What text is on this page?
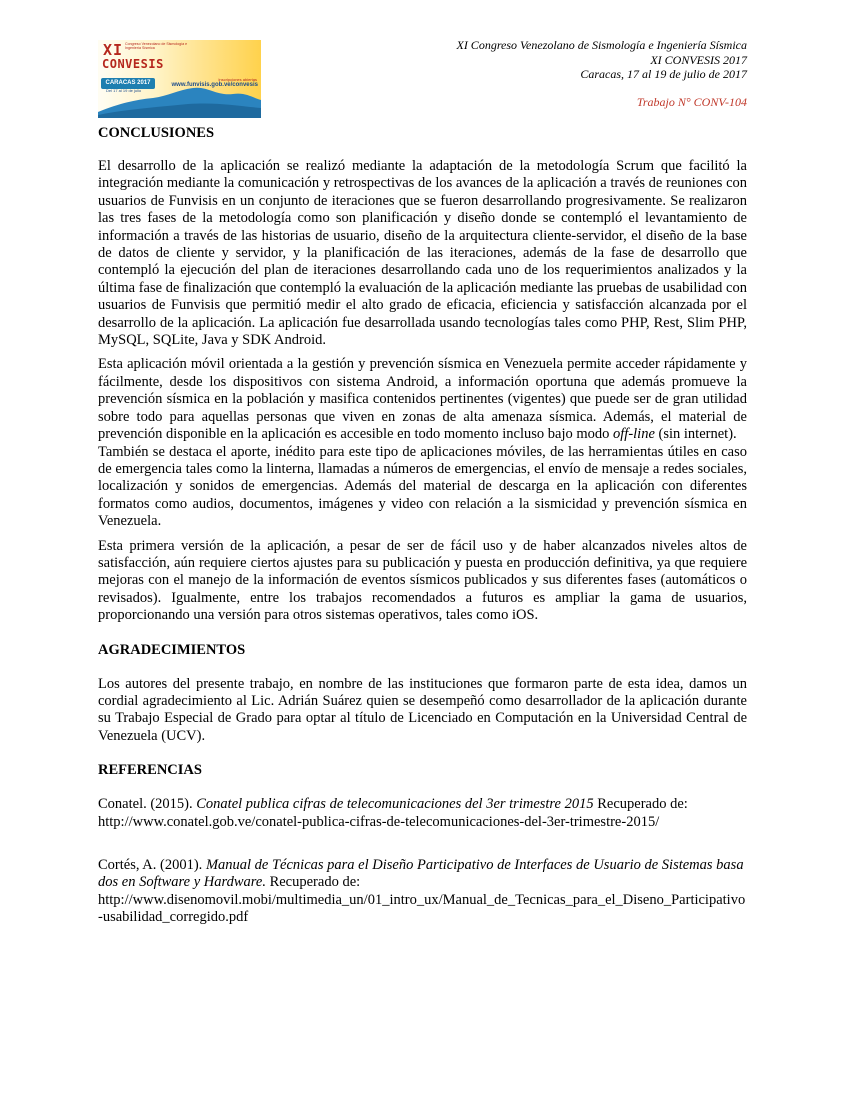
XI
CONVESIS
Congreso Venezolano de Sismología e Ingeniería Sísmica
CARACAS 2017
Del 17 al 19 de julio
Inscripciones abiertas
www.funvisis.gob.ve/convesis
XI Congreso Venezolano de Sismología e Ingeniería Sísmica
XI CONVESIS 2017
Caracas, 17 al 19 de julio de 2017
Trabajo N° CONV-104
CONCLUSIONES

El desarrollo de la aplicación se realizó mediante la adaptación de la metodología Scrum que facilitó la integración mediante la comunicación y retrospectivas de los avances de la aplicación a través de reuniones con usuarios de Funvisis en un conjunto de iteraciones que se fueron desarrollando progresivamente. Se realizaron las tres fases de la metodología como son planificación y diseño donde se contempló el levantamiento de información a través de las historias de usuario, diseño de la arquitectura cliente-servidor, el diseño de la base de datos de cliente y servidor, y la planificación de las iteraciones, además de la fase de desarrollo que contempló la ejecución del plan de iteraciones desarrollando cada uno de los requerimientos analizados y la última fase de finalización que contempló la evaluación de la aplicación mediante las pruebas de usabilidad con usuarios de Funvisis que permitió medir el alto grado de eficacia, eficiencia y satisfacción alcanzada por el desarrollo de la aplicación. La aplicación fue desarrollada usando tecnologías tales como PHP, Rest, Slim PHP, MySQL, SQLite, Java y SDK Android.

Esta aplicación móvil orientada a la gestión y prevención sísmica en Venezuela permite acceder rápidamente y fácilmente, desde los dispositivos con sistema Android, a información oportuna que además promueve la prevención sísmica en la población y masifica contenidos pertinentes (vigentes) que puede ser de gran utilidad sobre todo para aquellas personas que viven en zonas de alta amenaza sísmica. Además, el material de prevención disponible en la aplicación es accesible en todo momento incluso bajo modo off-line (sin internet).

También se destaca el aporte, inédito para este tipo de aplicaciones móviles, de las herramientas útiles en caso de emergencia tales como la linterna, llamadas a números de emergencias, el envío de mensaje a redes sociales, localización y sonidos de emergencias. Además del material de descarga en la aplicación con diferentes formatos como audios, documentos, imágenes y video con relación a la sismicidad y prevención sísmica en Venezuela.

Esta primera versión de la aplicación, a pesar de ser de fácil uso y de haber alcanzados niveles altos de satisfacción, aún requiere ciertos ajustes para su publicación y puesta en producción definitiva, ya que requiere mejoras con el manejo de la información de eventos sísmicos publicados y sus diferentes fases (automáticos o revisados). Igualmente, entre los trabajos recomendados a futuros es ampliar la gama de usuarios, proporcionando una versión para otros sistemas operativos, tales como iOS.

AGRADECIMIENTOS

Los autores del presente trabajo, en nombre de las instituciones que formaron parte de esta idea, damos un cordial agradecimiento al Lic. Adrián Suárez quien se desempeñó como desarrollador de la aplicación durante su Trabajo Especial de Grado para optar al título de Licenciado en Computación en la Universidad Central de Venezuela (UCV).

REFERENCIAS

Conatel. (2015). Conatel publica cifras de telecomunicaciones del 3er trimestre 2015 Recuperado de:
http://www.conatel.gob.ve/conatel-publica-cifras-de-telecomunicaciones-del-3er-trimestre-2015/

Cortés, A. (2001). Manual de Técnicas para el Diseño Participativo de Interfaces de Usuario de Sistemas basados en Software y Hardware. Recuperado de:
http://www.disenomovil.mobi/multimedia_un/01_intro_ux/Manual_de_Tecnicas_para_el_Diseno_Participativo-usabilidad_corregido.pdf
